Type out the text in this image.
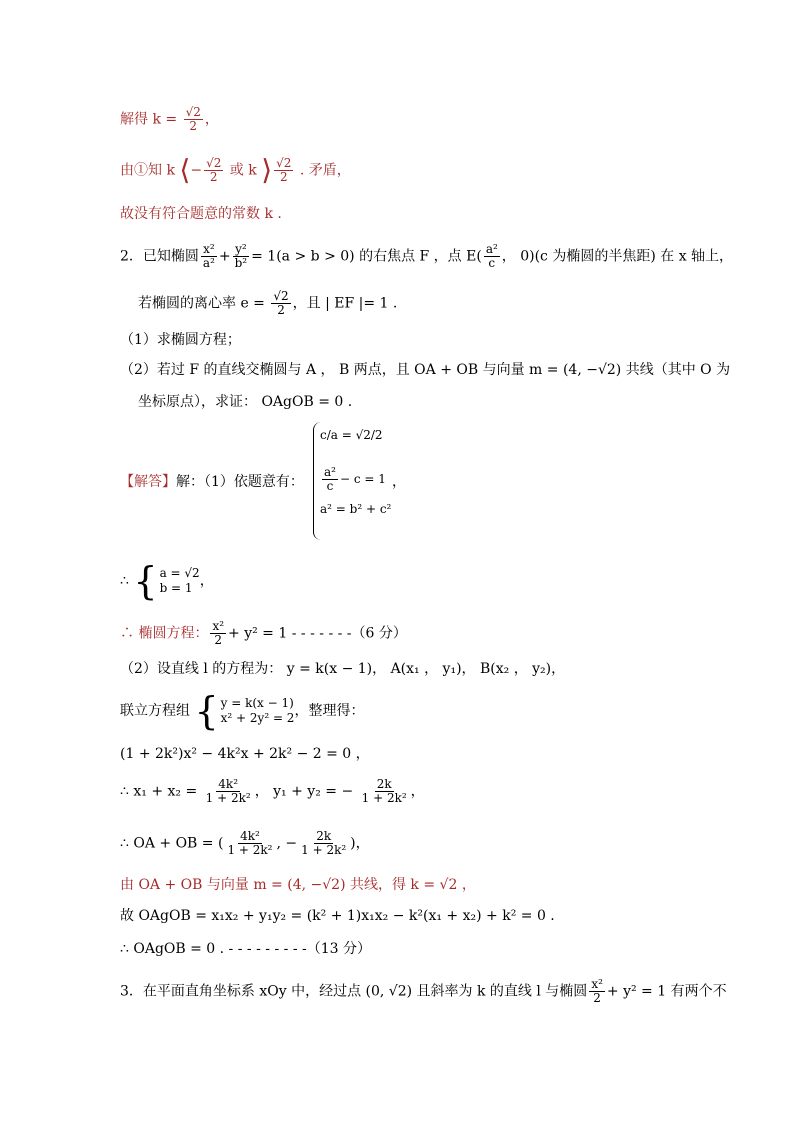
解得 $k = \frac{√2}{2}$ ，
由①知 k ⟨− $\frac{√2}{2}$ 或 k ⟩ $\frac{√2}{2}$ . 矛盾，
故没有符合题意的常数 k .
2．已知椭圆 $\frac{\text{x²}}{\text{a²}} + \frac{\text{y²}}{\text{b²}} = 1(a > b > 0)$ 的右焦点 F ，点 $E( \frac{\text{a²}}{c}$ ， 0)(c 为椭圆的半焦距) 在 x 轴上，
若椭圆的离心率 $e = \frac{√2}{2}$ ，且 | EF |= 1 .
（1）求椭圆方程；
（2）若过 F 的直线交椭圆与 A ， B 两点，且 OA + OB 与向量 m = (4, −√2) 共线（其中 O 为
坐标原点），求证： OAgOB = 0 .
【解答】解：（1）依题意有：
c/a = √2/2
$\frac{\text{a²}}{c} - c = 1$ ，
a² = b² + c²
∴ { a = √2
b = 1 ，
∴ 椭圆方程： $\frac{\text{x²}}{2} + y^2 = 1$ - - - - - - -（6 分）
（2）设直线 l 的方程为： y = k(x − 1)， A(x₁ ， y₁)， B(x₂ ， y₂)，
联立方程组 { y = k(x − 1)
x² + 2y² = 2 ，整理得：
(1 + 2k²)x² − 4k²x + 2k² − 2 = 0 ，
∴ $x_1 + x_2 = \frac{\text{4k²}}{\text{1 + 2k²}}$ ， y₁ + y₂ = − $\frac{2k}{\text{1 + 2k²}}$ ，
∴ OA + OB = ( $\frac{\text{4k²}}{\text{1 + 2k²}}$ , − $\frac{2k}{\text{1 + 2k²}}$ )，
由 OA + OB 与向量 m = (4, −√2) 共线，得 k = √2 ，
故 OAgOB = x₁x₂ + y₁y₂ = (k² + 1)x₁x₂ − k²(x₁ + x₂) + k² = 0 .
∴ OAgOB = 0 . - - - - - - - - -（13 分）
3．在平面直角坐标系 xOy 中，经过点 (0, √2) 且斜率为 k 的直线 l 与椭圆 $\frac{\text{x²}}{2} + y^2 = 1$ 有两个不
